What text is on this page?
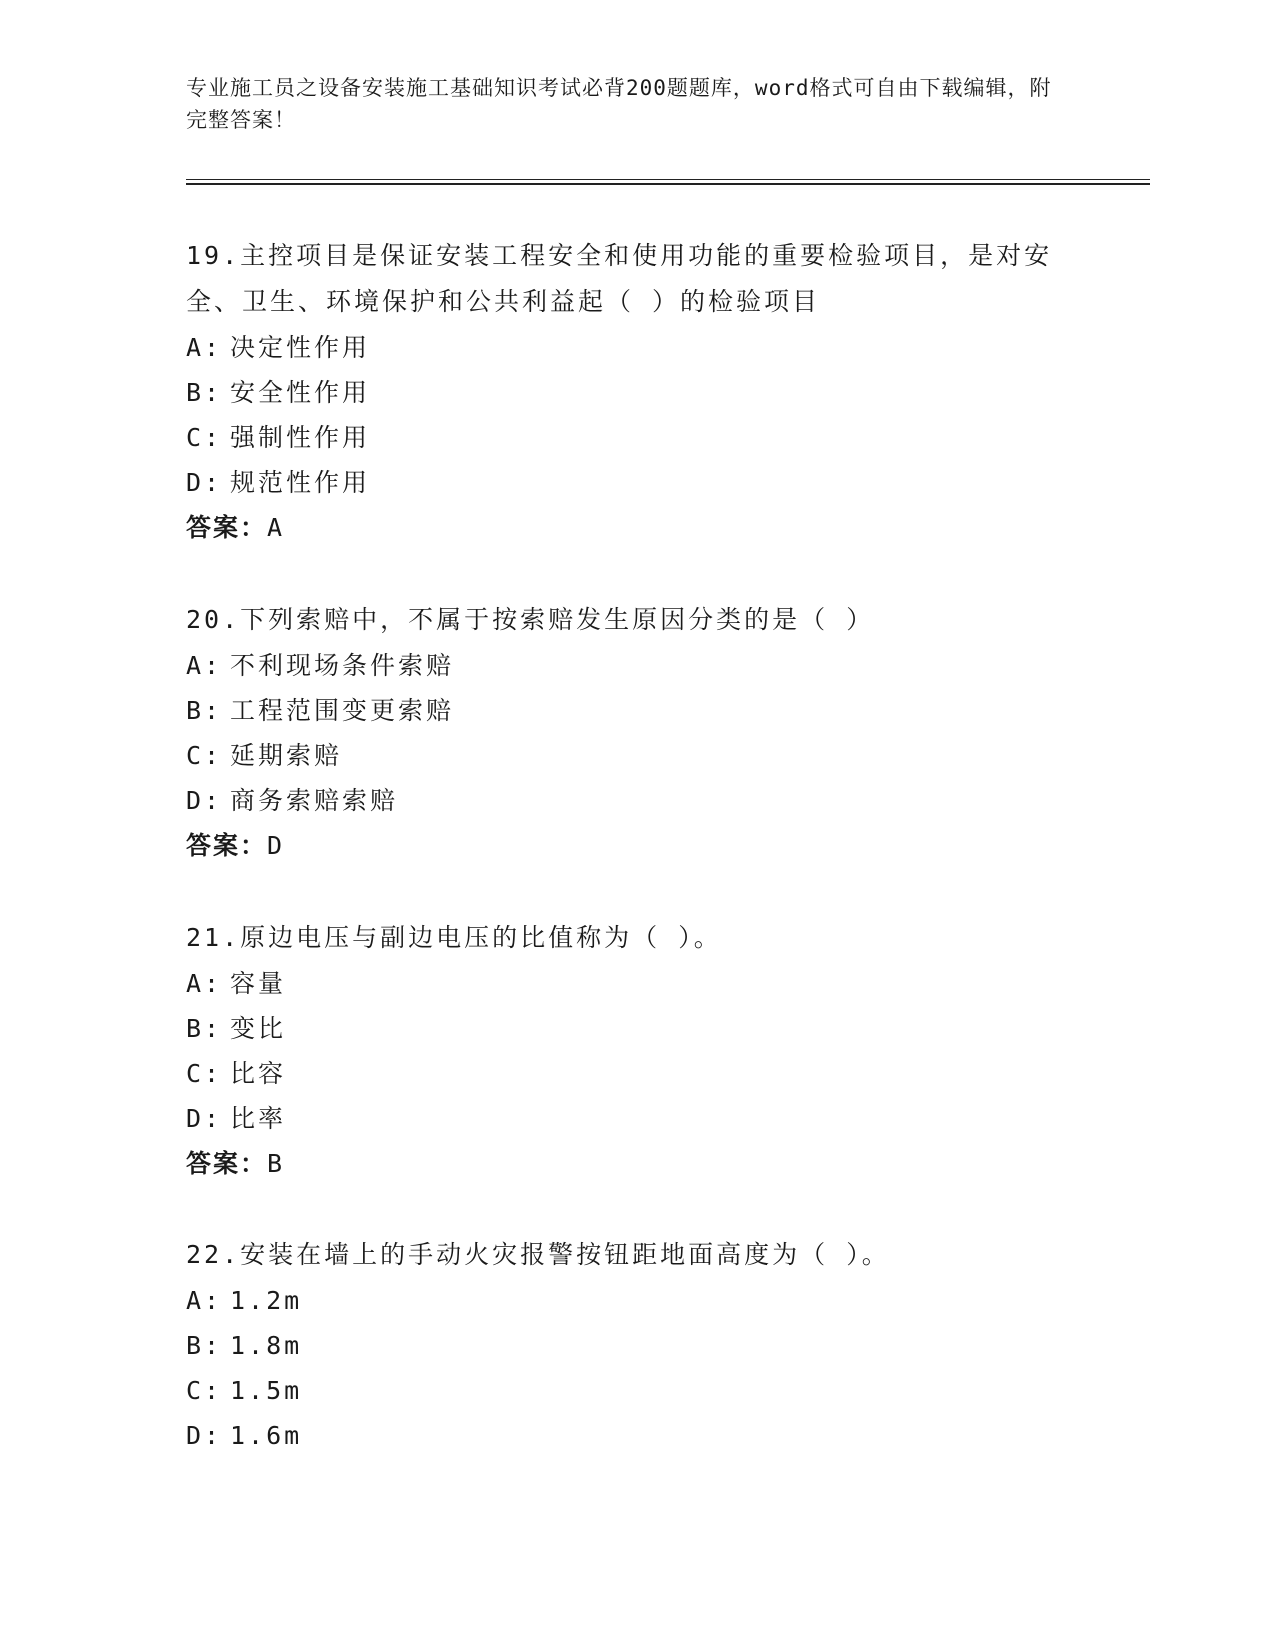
专业施工员之设备安装施工基础知识考试必背200题题库，word格式可自由下载编辑，附完整答案！

19.主控项目是保证安装工程安全和使用功能的重要检验项目，是对安全、卫生、环境保护和公共利益起（ ）的检验项目

A: 决定性作用

B: 安全性作用

C: 强制性作用

D: 规范性作用

答案：A

20.下列索赔中，不属于按索赔发生原因分类的是（ ）

A: 不利现场条件索赔

B: 工程范围变更索赔

C: 延期索赔

D: 商务索赔索赔

答案：D

21.原边电压与副边电压的比值称为（ ）。

A: 容量

B: 变比

C: 比容

D: 比率

答案：B

22.安装在墙上的手动火灾报警按钮距地面高度为（ ）。

A: 1.2m

B: 1.8m

C: 1.5m

D: 1.6m
